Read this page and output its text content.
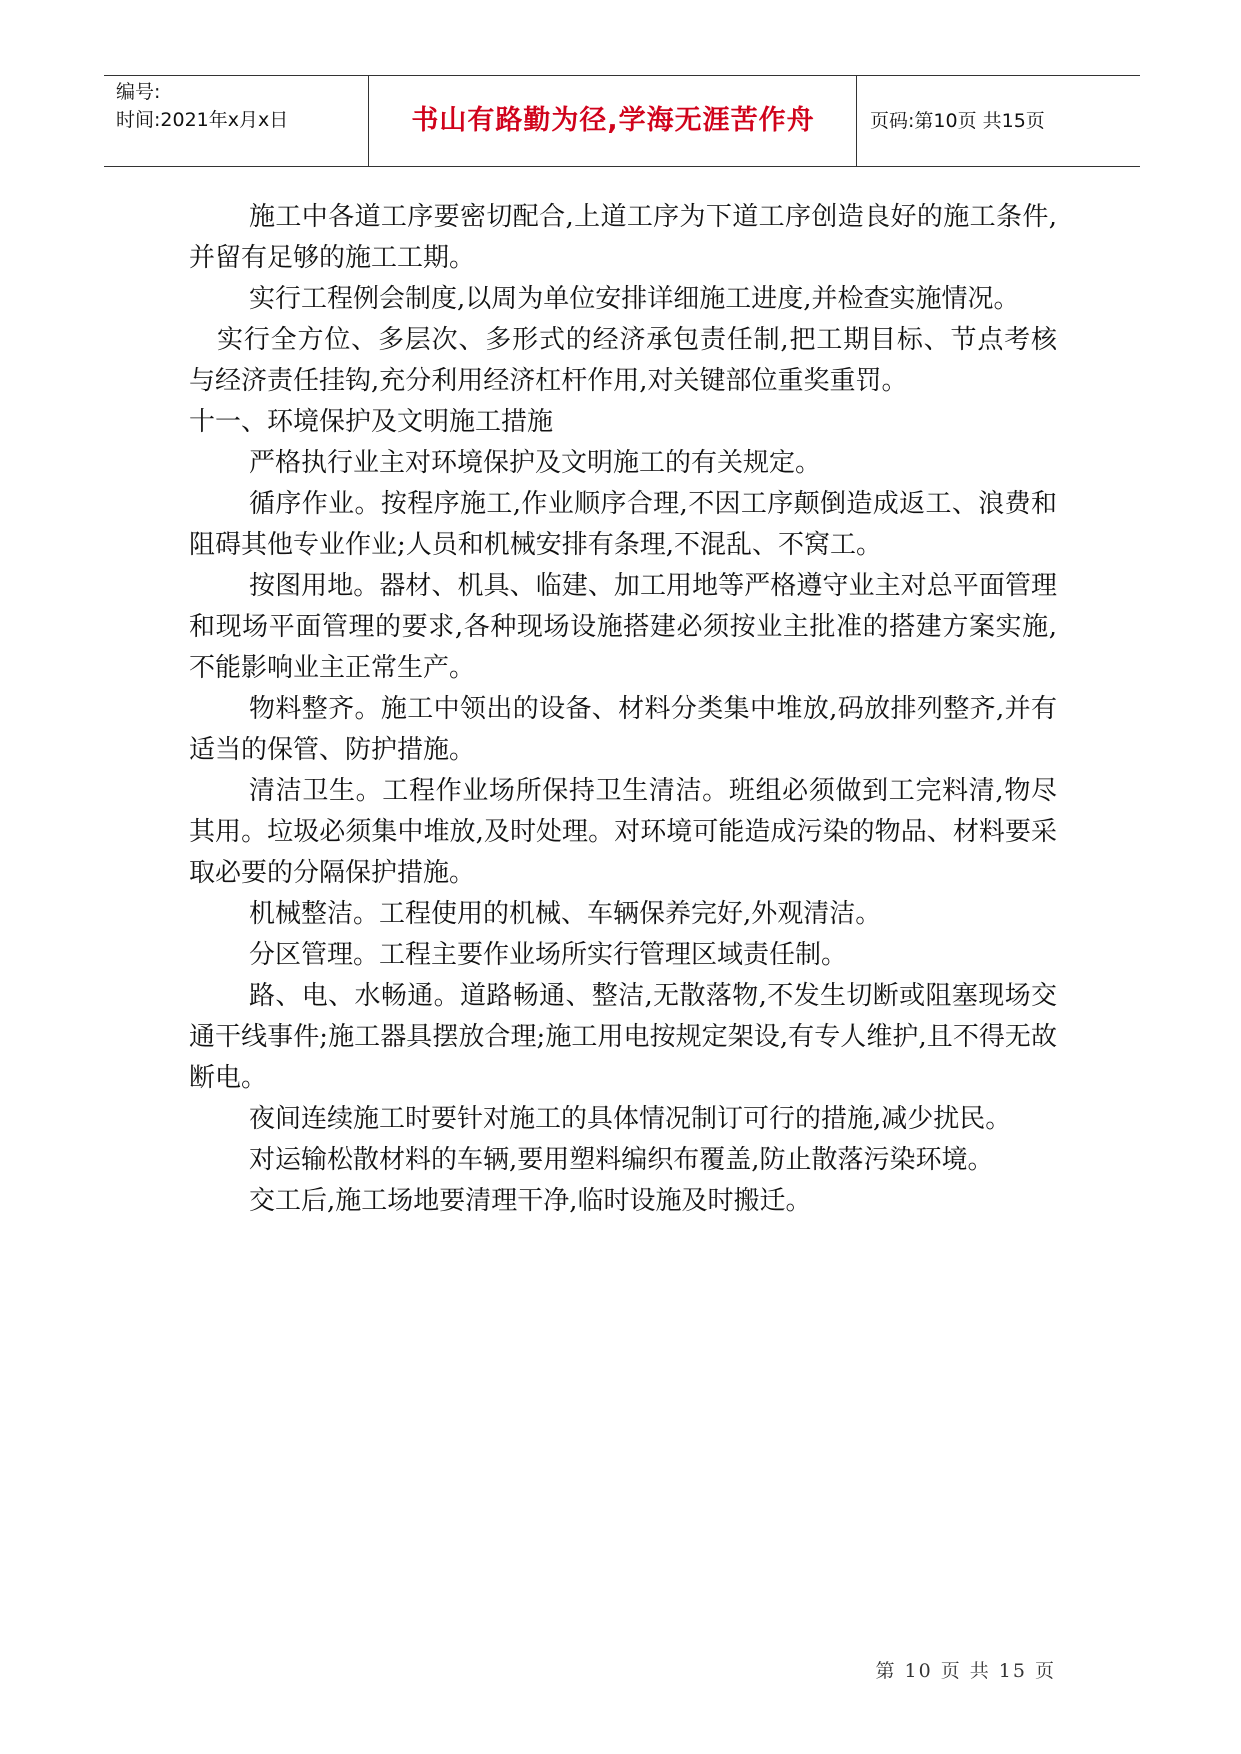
编号:
时间:2021年x月x日	书山有路勤为径,学海无涯苦作舟	页码:第10页 共15页

施工中各道工序要密切配合,上道工序为下道工序创造良好的施工条件,并留有足够的施工工期。

实行工程例会制度,以周为单位安排详细施工进度,并检查实施情况。

实行全方位、多层次、多形式的经济承包责任制,把工期目标、节点考核与经济责任挂钩,充分利用经济杠杆作用,对关键部位重奖重罚。

十一、环境保护及文明施工措施

严格执行业主对环境保护及文明施工的有关规定。

循序作业。按程序施工,作业顺序合理,不因工序颠倒造成返工、浪费和阻碍其他专业作业;人员和机械安排有条理,不混乱、不窝工。

按图用地。器材、机具、临建、加工用地等严格遵守业主对总平面管理和现场平面管理的要求,各种现场设施搭建必须按业主批准的搭建方案实施,不能影响业主正常生产。

物料整齐。施工中领出的设备、材料分类集中堆放,码放排列整齐,并有适当的保管、防护措施。

清洁卫生。工程作业场所保持卫生清洁。班组必须做到工完料清,物尽其用。垃圾必须集中堆放,及时处理。对环境可能造成污染的物品、材料要采取必要的分隔保护措施。

机械整洁。工程使用的机械、车辆保养完好,外观清洁。

分区管理。工程主要作业场所实行管理区域责任制。

路、电、水畅通。道路畅通、整洁,无散落物,不发生切断或阻塞现场交通干线事件;施工器具摆放合理;施工用电按规定架设,有专人维护,且不得无故断电。

夜间连续施工时要针对施工的具体情况制订可行的措施,减少扰民。

对运输松散材料的车辆,要用塑料编织布覆盖,防止散落污染环境。

交工后,施工场地要清理干净,临时设施及时搬迁。

第 10 页 共 15 页
